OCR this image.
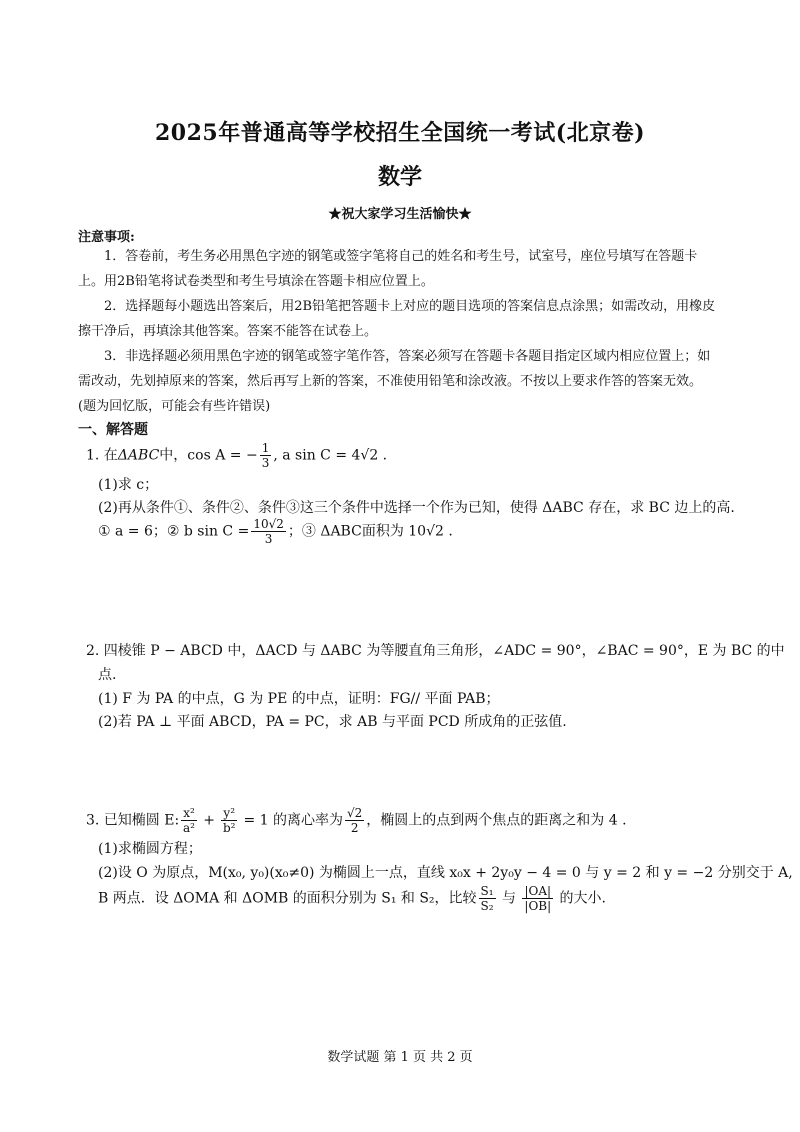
2025年普通高等学校招生全国统一考试(北京卷)
数学
★祝大家学习生活愉快★
注意事项:
1．答卷前，考生务必用黑色字迹的钢笔或签字笔将自己的姓名和考生号，试室号，座位号填写在答题卡上。用2B铅笔将试卷类型和考生号填涂在答题卡相应位置上。
2．选择题每小题选出答案后，用2B铅笔把答题卡上对应的题目选项的答案信息点涂黑；如需改动，用橡皮擦干净后，再填涂其他答案。答案不能答在试卷上。
3．非选择题必须用黑色字迹的钢笔或签字笔作答，答案必须写在答题卡各题目指定区域内相应位置上；如需改动，先划掉原来的答案，然后再写上新的答案，不准使用铅笔和涂改液。不按以上要求作答的答案无效。(题为回忆版，可能会有些许错误)
一、解答题
1. 在ΔABC中，cos A = − $\frac{1}{3}$ , a sin C = 4√2 .
(1)求 c；
(2)再从条件①、条件②、条件③这三个条件中选择一个作为已知，使得 ΔABC 存在，求 BC 边上的高.
① a = 6；② b $\sin C = \frac{10√2}{3}$ ；③ ΔABC面积为 10√2 .
2. 四棱锥 P − ABCD 中，ΔACD 与 ΔABC 为等腰直角三角形，∠ADC = 90°，∠BAC = 90°，E 为 BC 的中
点.
(1) F 为 PA 的中点，G 为 PE 的中点，证明：FG// 平面 PAB；
(2)若 PA ⊥ 平面 ABCD，PA = PC，求 AB 与平面 PCD 所成角的正弦值.
3. 已知椭圆 E: $\frac{\text{x²}}{\text{a²}} + \frac{\text{y²}}{\text{b²}} = 1$ 的离心率为 $\frac{√2}{2}$ ，椭圆上的点到两个焦点的距离之和为 4 .
(1)求椭圆方程；
(2)设 O 为原点，M(x₀, y₀)(x₀≠0) 为椭圆上一点，直线 x₀x + 2y₀y − 4 = 0 与 y = 2 和 y = −2 分别交于 A,
B 两点．设 ΔOMA 和 ΔOMB 的面积分别为 S₁ 和 S₂，比较 $\frac{\text{S₁}}{\text{S₂}}$ 与 $\frac{|OA|}{|OB|}$ 的大小.
数学试题 第 1 页 共 2 页
